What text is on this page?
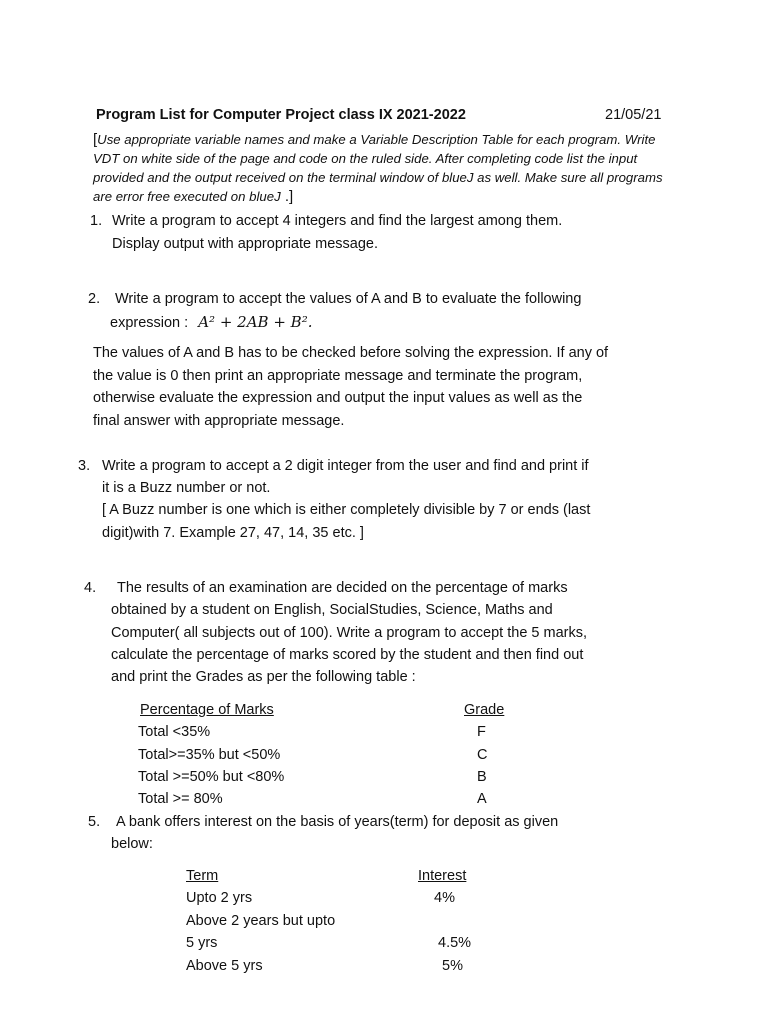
Program List for Computer Project class IX 2021-2022	21/05/21
[Use appropriate variable names and make a Variable Description Table for each program. Write VDT on white side of the page and code on the ruled side. After completing code list the input provided and the output received on the terminal window of blueJ as well. Make sure all programs are error free executed on blueJ .]
1. Write a program to accept 4 integers and find the largest among them.
Display output with appropriate message.
2. Write a program to accept the values of A and B to evaluate the following
expression : A² + 2AB + B².
The values of A and B has to be checked before solving the expression. If any of
the value is 0 then print an appropriate message and terminate the program,
otherwise evaluate the expression and output the input values as well as the
final answer with appropriate message.
3. Write a program to accept a 2 digit integer from the user and find and print if
it is a Buzz number or not.
[ A Buzz number is one which is either completely divisible by 7 or ends (last
digit)with 7. Example 27, 47, 14, 35 etc. ]
4. The results of an examination are decided on the percentage of marks
obtained by a student on English, SocialStudies, Science, Maths and
Computer( all subjects out of 100). Write a program to accept the 5 marks,
calculate the percentage of marks scored by the student and then find out
and print the Grades as per the following table :
Percentage of Marks	Grade
Total <35%	F
Total>=35% but <50%	C
Total >=50% but <80%	B
Total >= 80%	A
5. A bank offers interest on the basis of years(term) for deposit as given
below:
Term	Interest
Upto 2 yrs	4%
Above 2 years but upto
5 yrs	4.5%
Above 5 yrs	5%
